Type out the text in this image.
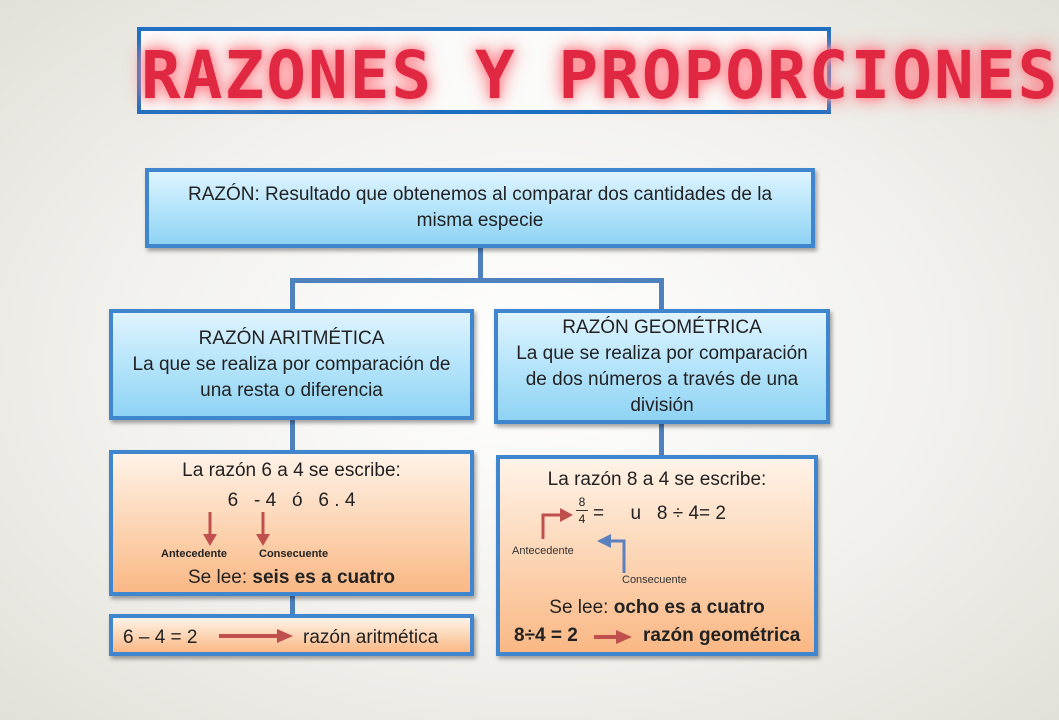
RAZONES Y PROPORCIONES
RAZÓN: Resultado que obtenemos al comparar dos cantidades de la misma especie
RAZÓN ARITMÉTICA
La que se realiza por comparación de una resta o diferencia
RAZÓN GEOMÉTRICA
La que se realiza por comparación de dos números a través de una división
La razón 6 a 4 se escribe:
6   - 4   ó   6 . 4
Antecedente	Consecuente
Se lee: seis es a cuatro
6 – 4 = 2	razón aritmética
La razón 8 a 4 se escribe:
8
4 =     u   8 ÷ 4= 2
Antecedente
Consecuente
Se lee: ocho es a cuatro
8÷4 = 2	razón geométrica
